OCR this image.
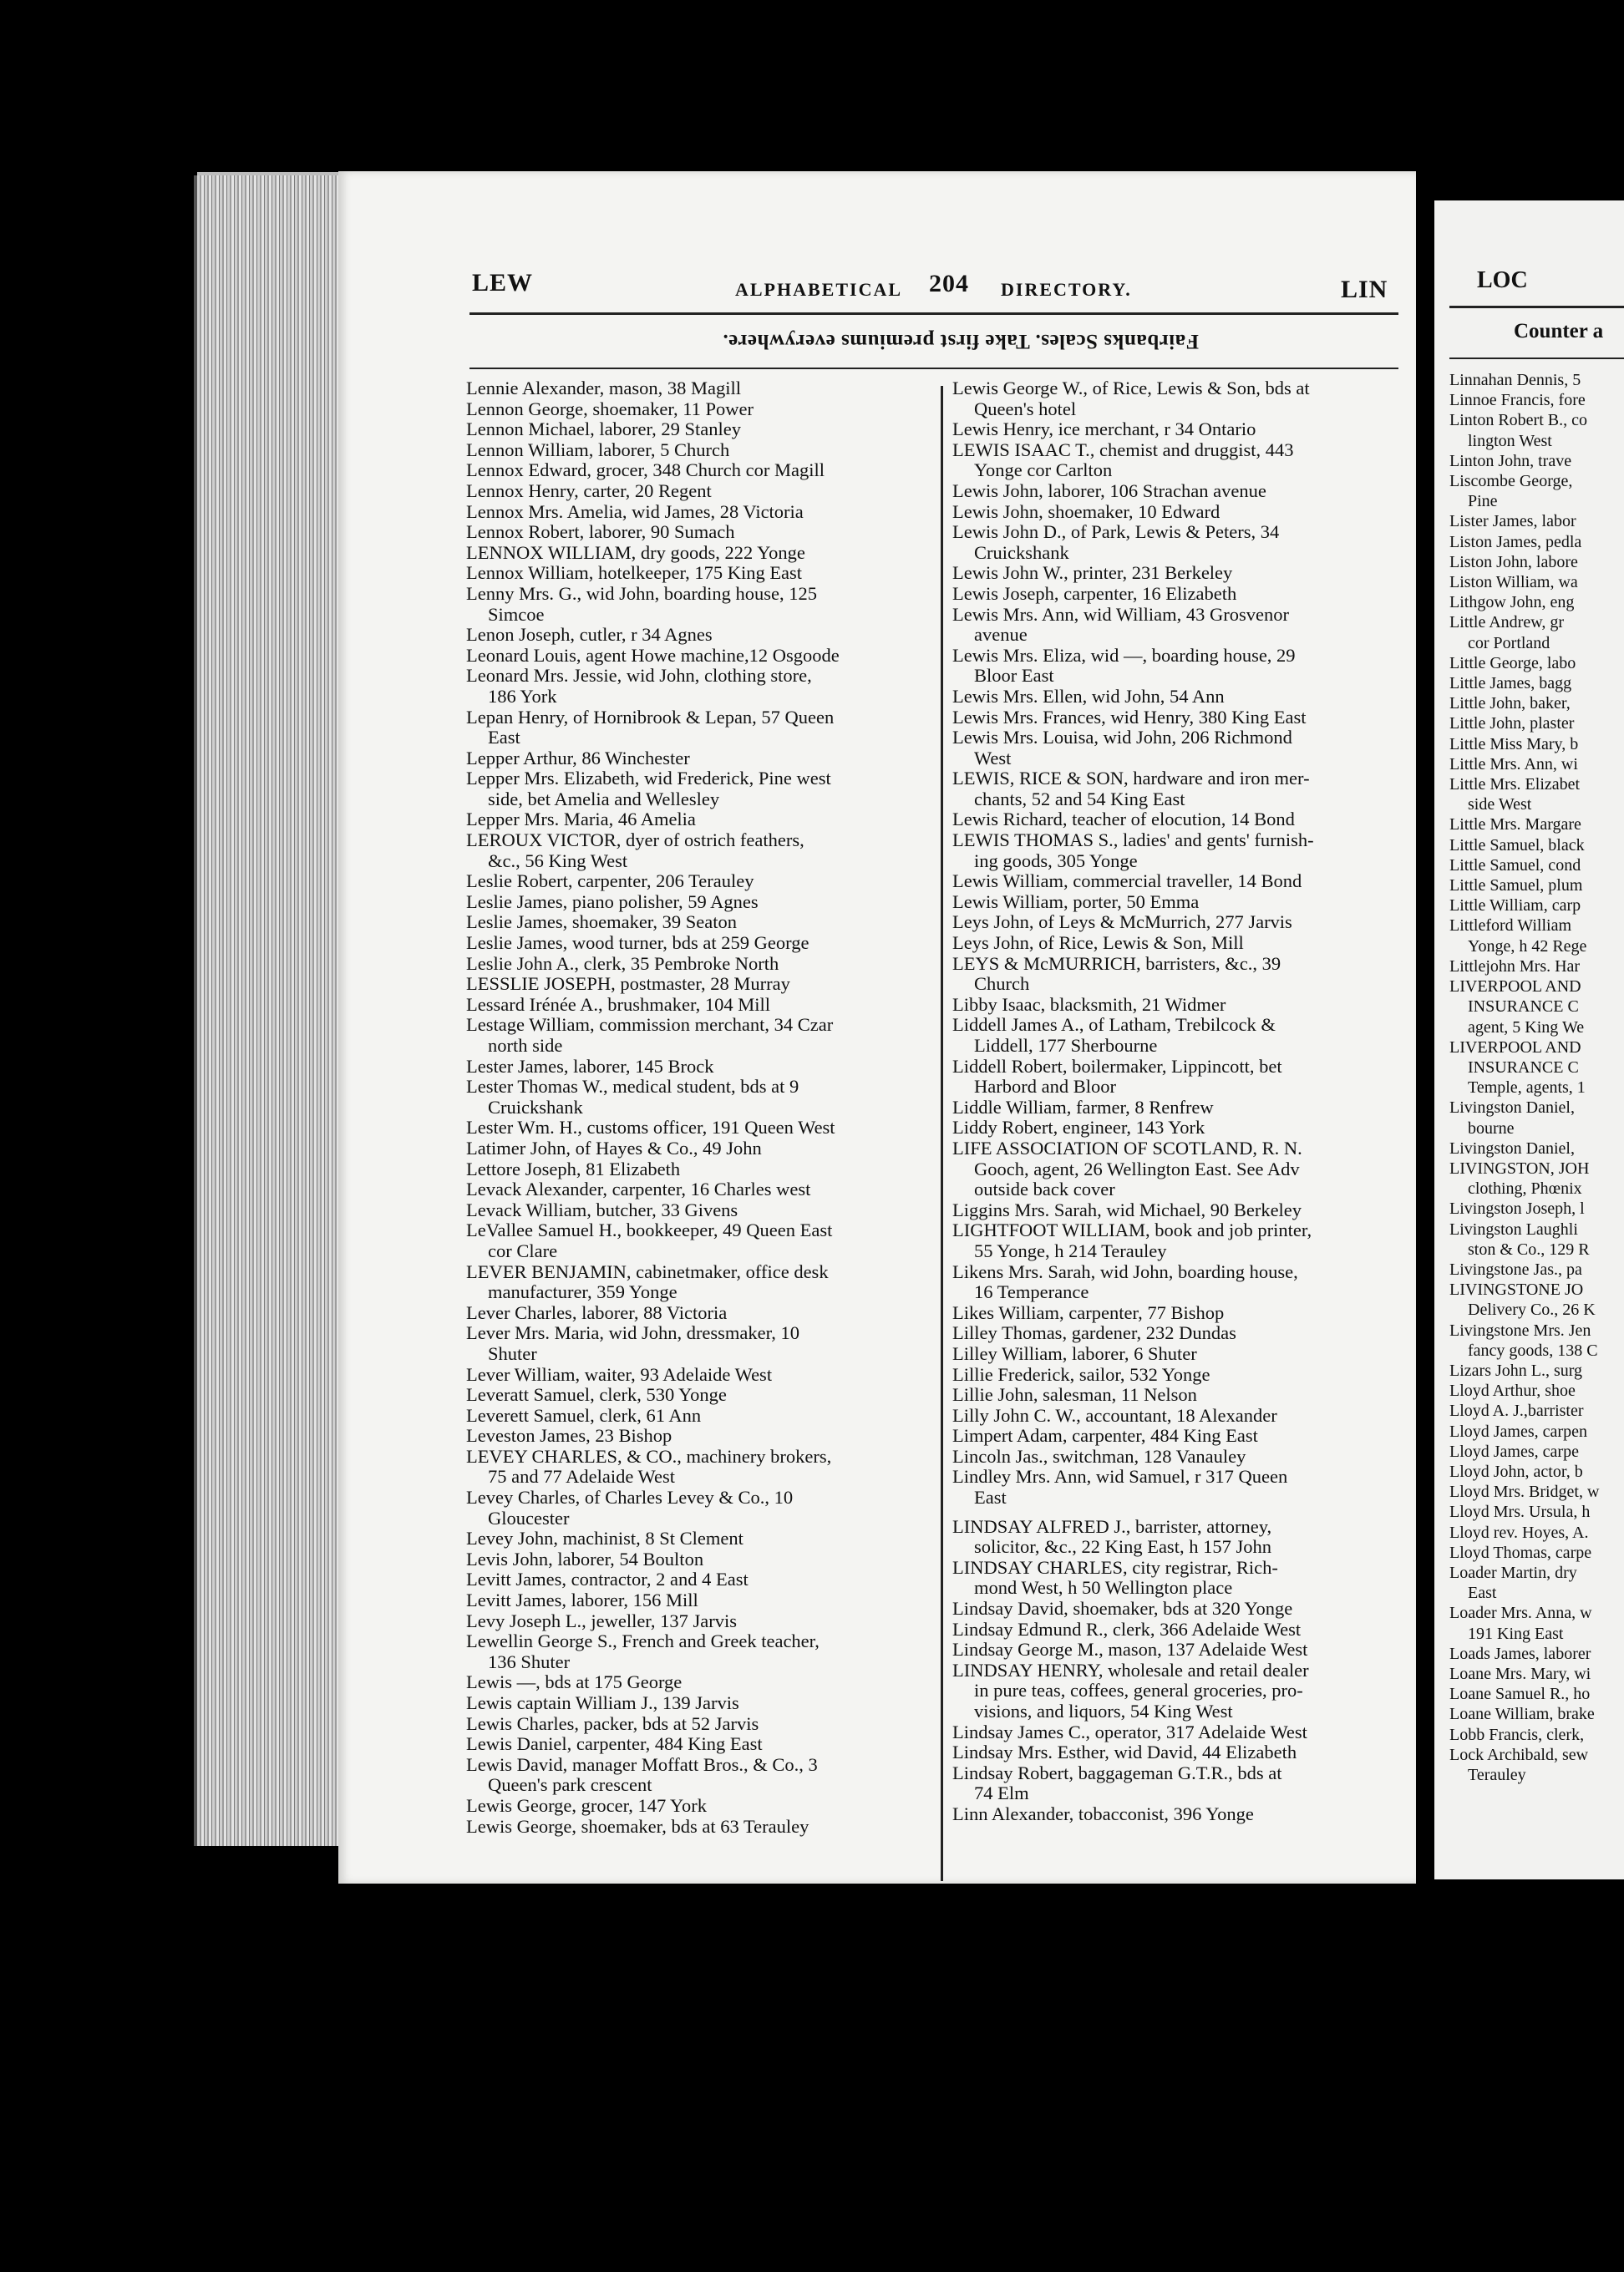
LEW	ALPHABETICAL 204 DIRECTORY.	LIN
Fairbanks Scales. Take first premiums everywhere.
Lennie Alexander, mason, 38 Magill
Lennon George, shoemaker, 11 Power
Lennon Michael, laborer, 29 Stanley
Lennon William, laborer, 5 Church
Lennox Edward, grocer, 348 Church cor Magill
Lennox Henry, carter, 20 Regent
Lennox Mrs. Amelia, wid James, 28 Victoria
Lennox Robert, laborer, 90 Sumach
LENNOX WILLIAM, dry goods, 222 Yonge
Lennox William, hotelkeeper, 175 King East
Lenny Mrs. G., wid John, boarding house, 125
Simcoe
Lenon Joseph, cutler, r 34 Agnes
Leonard Louis, agent Howe machine,12 Osgoode
Leonard Mrs. Jessie, wid John, clothing store,
186 York
Lepan Henry, of Hornibrook & Lepan, 57 Queen
East
Lepper Arthur, 86 Winchester
Lepper Mrs. Elizabeth, wid Frederick, Pine west
side, bet Amelia and Wellesley
Lepper Mrs. Maria, 46 Amelia
LEROUX VICTOR, dyer of ostrich feathers,
&c., 56 King West
Leslie Robert, carpenter, 206 Terauley
Leslie James, piano polisher, 59 Agnes
Leslie James, shoemaker, 39 Seaton
Leslie James, wood turner, bds at 259 George
Leslie John A., clerk, 35 Pembroke North
LESSLIE JOSEPH, postmaster, 28 Murray
Lessard Irénée A., brushmaker, 104 Mill
Lestage William, commission merchant, 34 Czar
north side
Lester James, laborer, 145 Brock
Lester Thomas W., medical student, bds at 9
Cruickshank
Lester Wm. H., customs officer, 191 Queen West
Latimer John, of Hayes & Co., 49 John
Lettore Joseph, 81 Elizabeth
Levack Alexander, carpenter, 16 Charles west
Levack William, butcher, 33 Givens
LeVallee Samuel H., bookkeeper, 49 Queen East
cor Clare
LEVER BENJAMIN, cabinetmaker, office desk
manufacturer, 359 Yonge
Lever Charles, laborer, 88 Victoria
Lever Mrs. Maria, wid John, dressmaker, 10
Shuter
Lever William, waiter, 93 Adelaide West
Leveratt Samuel, clerk, 530 Yonge
Leverett Samuel, clerk, 61 Ann
Leveston James, 23 Bishop
LEVEY CHARLES, & CO., machinery brokers,
75 and 77 Adelaide West
Levey Charles, of Charles Levey & Co., 10
Gloucester
Levey John, machinist, 8 St Clement
Levis John, laborer, 54 Boulton
Levitt James, contractor, 2 and 4 East
Levitt James, laborer, 156 Mill
Levy Joseph L., jeweller, 137 Jarvis
Lewellin George S., French and Greek teacher,
136 Shuter
Lewis —, bds at 175 George
Lewis captain William J., 139 Jarvis
Lewis Charles, packer, bds at 52 Jarvis
Lewis Daniel, carpenter, 484 King East
Lewis David, manager Moffatt Bros., & Co., 3
Queen's park crescent
Lewis George, grocer, 147 York
Lewis George, shoemaker, bds at 63 Terauley
Lewis George W., of Rice, Lewis & Son, bds at
Queen's hotel
Lewis Henry, ice merchant, r 34 Ontario
LEWIS ISAAC T., chemist and druggist, 443
Yonge cor Carlton
Lewis John, laborer, 106 Strachan avenue
Lewis John, shoemaker, 10 Edward
Lewis John D., of Park, Lewis & Peters, 34
Cruickshank
Lewis John W., printer, 231 Berkeley
Lewis Joseph, carpenter, 16 Elizabeth
Lewis Mrs. Ann, wid William, 43 Grosvenor
avenue
Lewis Mrs. Eliza, wid —, boarding house, 29
Bloor East
Lewis Mrs. Ellen, wid John, 54 Ann
Lewis Mrs. Frances, wid Henry, 380 King East
Lewis Mrs. Louisa, wid John, 206 Richmond
West
LEWIS, RICE & SON, hardware and iron mer-
chants, 52 and 54 King East
Lewis Richard, teacher of elocution, 14 Bond
LEWIS THOMAS S., ladies' and gents' furnish-
ing goods, 305 Yonge
Lewis William, commercial traveller, 14 Bond
Lewis William, porter, 50 Emma
Leys John, of Leys & McMurrich, 277 Jarvis
Leys John, of Rice, Lewis & Son, Mill
LEYS & McMURRICH, barristers, &c., 39
Church
Libby Isaac, blacksmith, 21 Widmer
Liddell James A., of Latham, Trebilcock &
Liddell, 177 Sherbourne
Liddell Robert, boilermaker, Lippincott, bet
Harbord and Bloor
Liddle William, farmer, 8 Renfrew
Liddy Robert, engineer, 143 York
LIFE ASSOCIATION OF SCOTLAND, R. N.
Gooch, agent, 26 Wellington East. See Adv
outside back cover
Liggins Mrs. Sarah, wid Michael, 90 Berkeley
LIGHTFOOT WILLIAM, book and job printer,
55 Yonge, h 214 Terauley
Likens Mrs. Sarah, wid John, boarding house,
16 Temperance
Likes William, carpenter, 77 Bishop
Lilley Thomas, gardener, 232 Dundas
Lilley William, laborer, 6 Shuter
Lillie Frederick, sailor, 532 Yonge
Lillie John, salesman, 11 Nelson
Lilly John C. W., accountant, 18 Alexander
Limpert Adam, carpenter, 484 King East
Lincoln Jas., switchman, 128 Vanauley
Lindley Mrs. Ann, wid Samuel, r 317 Queen
East
LINDSAY ALFRED J., barrister, attorney,
solicitor, &c., 22 King East, h 157 John
LINDSAY CHARLES, city registrar, Rich-
mond West, h 50 Wellington place
Lindsay David, shoemaker, bds at 320 Yonge
Lindsay Edmund R., clerk, 366 Adelaide West
Lindsay George M., mason, 137 Adelaide West
LINDSAY HENRY, wholesale and retail dealer
in pure teas, coffees, general groceries, pro-
visions, and liquors, 54 King West
Lindsay James C., operator, 317 Adelaide West
Lindsay Mrs. Esther, wid David, 44 Elizabeth
Lindsay Robert, baggageman G.T.R., bds at
74 Elm
Linn Alexander, tobacconist, 396 Yonge
LOC
Counter a
Linnahan Dennis, 5
Linnoe Francis, fore
Linton Robert B., co
lington West
Linton John, trave
Liscombe George,
Pine
Lister James, labor
Liston James, pedla
Liston John, labore
Liston William, wa
Lithgow John, eng
Little Andrew, gr
cor Portland
Little George, labo
Little James, bagg
Little John, baker,
Little John, plaster
Little Miss Mary, b
Little Mrs. Ann, wi
Little Mrs. Elizabet
side West
Little Mrs. Margare
Little Samuel, black
Little Samuel, cond
Little Samuel, plum
Little William, carp
Littleford William
Yonge, h 42 Rege
Littlejohn Mrs. Har
LIVERPOOL AND
INSURANCE C
agent, 5 King We
LIVERPOOL AND
INSURANCE C
Temple, agents, 1
Livingston Daniel,
bourne
Livingston Daniel,
LIVINGSTON, JOH
clothing, Phœnix
Livingston Joseph, l
Livingston Laughli
ston & Co., 129 R
Livingstone Jas., pa
LIVINGSTONE JO
Delivery Co., 26 K
Livingstone Mrs. Jen
fancy goods, 138 C
Lizars John L., surg
Lloyd Arthur, shoe
Lloyd A. J.,barrister
Lloyd James, carpen
Lloyd James, carpe
Lloyd John, actor, b
Lloyd Mrs. Bridget, w
Lloyd Mrs. Ursula, h
Lloyd rev. Hoyes, A.
Lloyd Thomas, carpe
Loader Martin, dry
East
Loader Mrs. Anna, w
191 King East
Loads James, laborer
Loane Mrs. Mary, wi
Loane Samuel R., ho
Loane William, brake
Lobb Francis, clerk,
Lock Archibald, sew
Terauley
